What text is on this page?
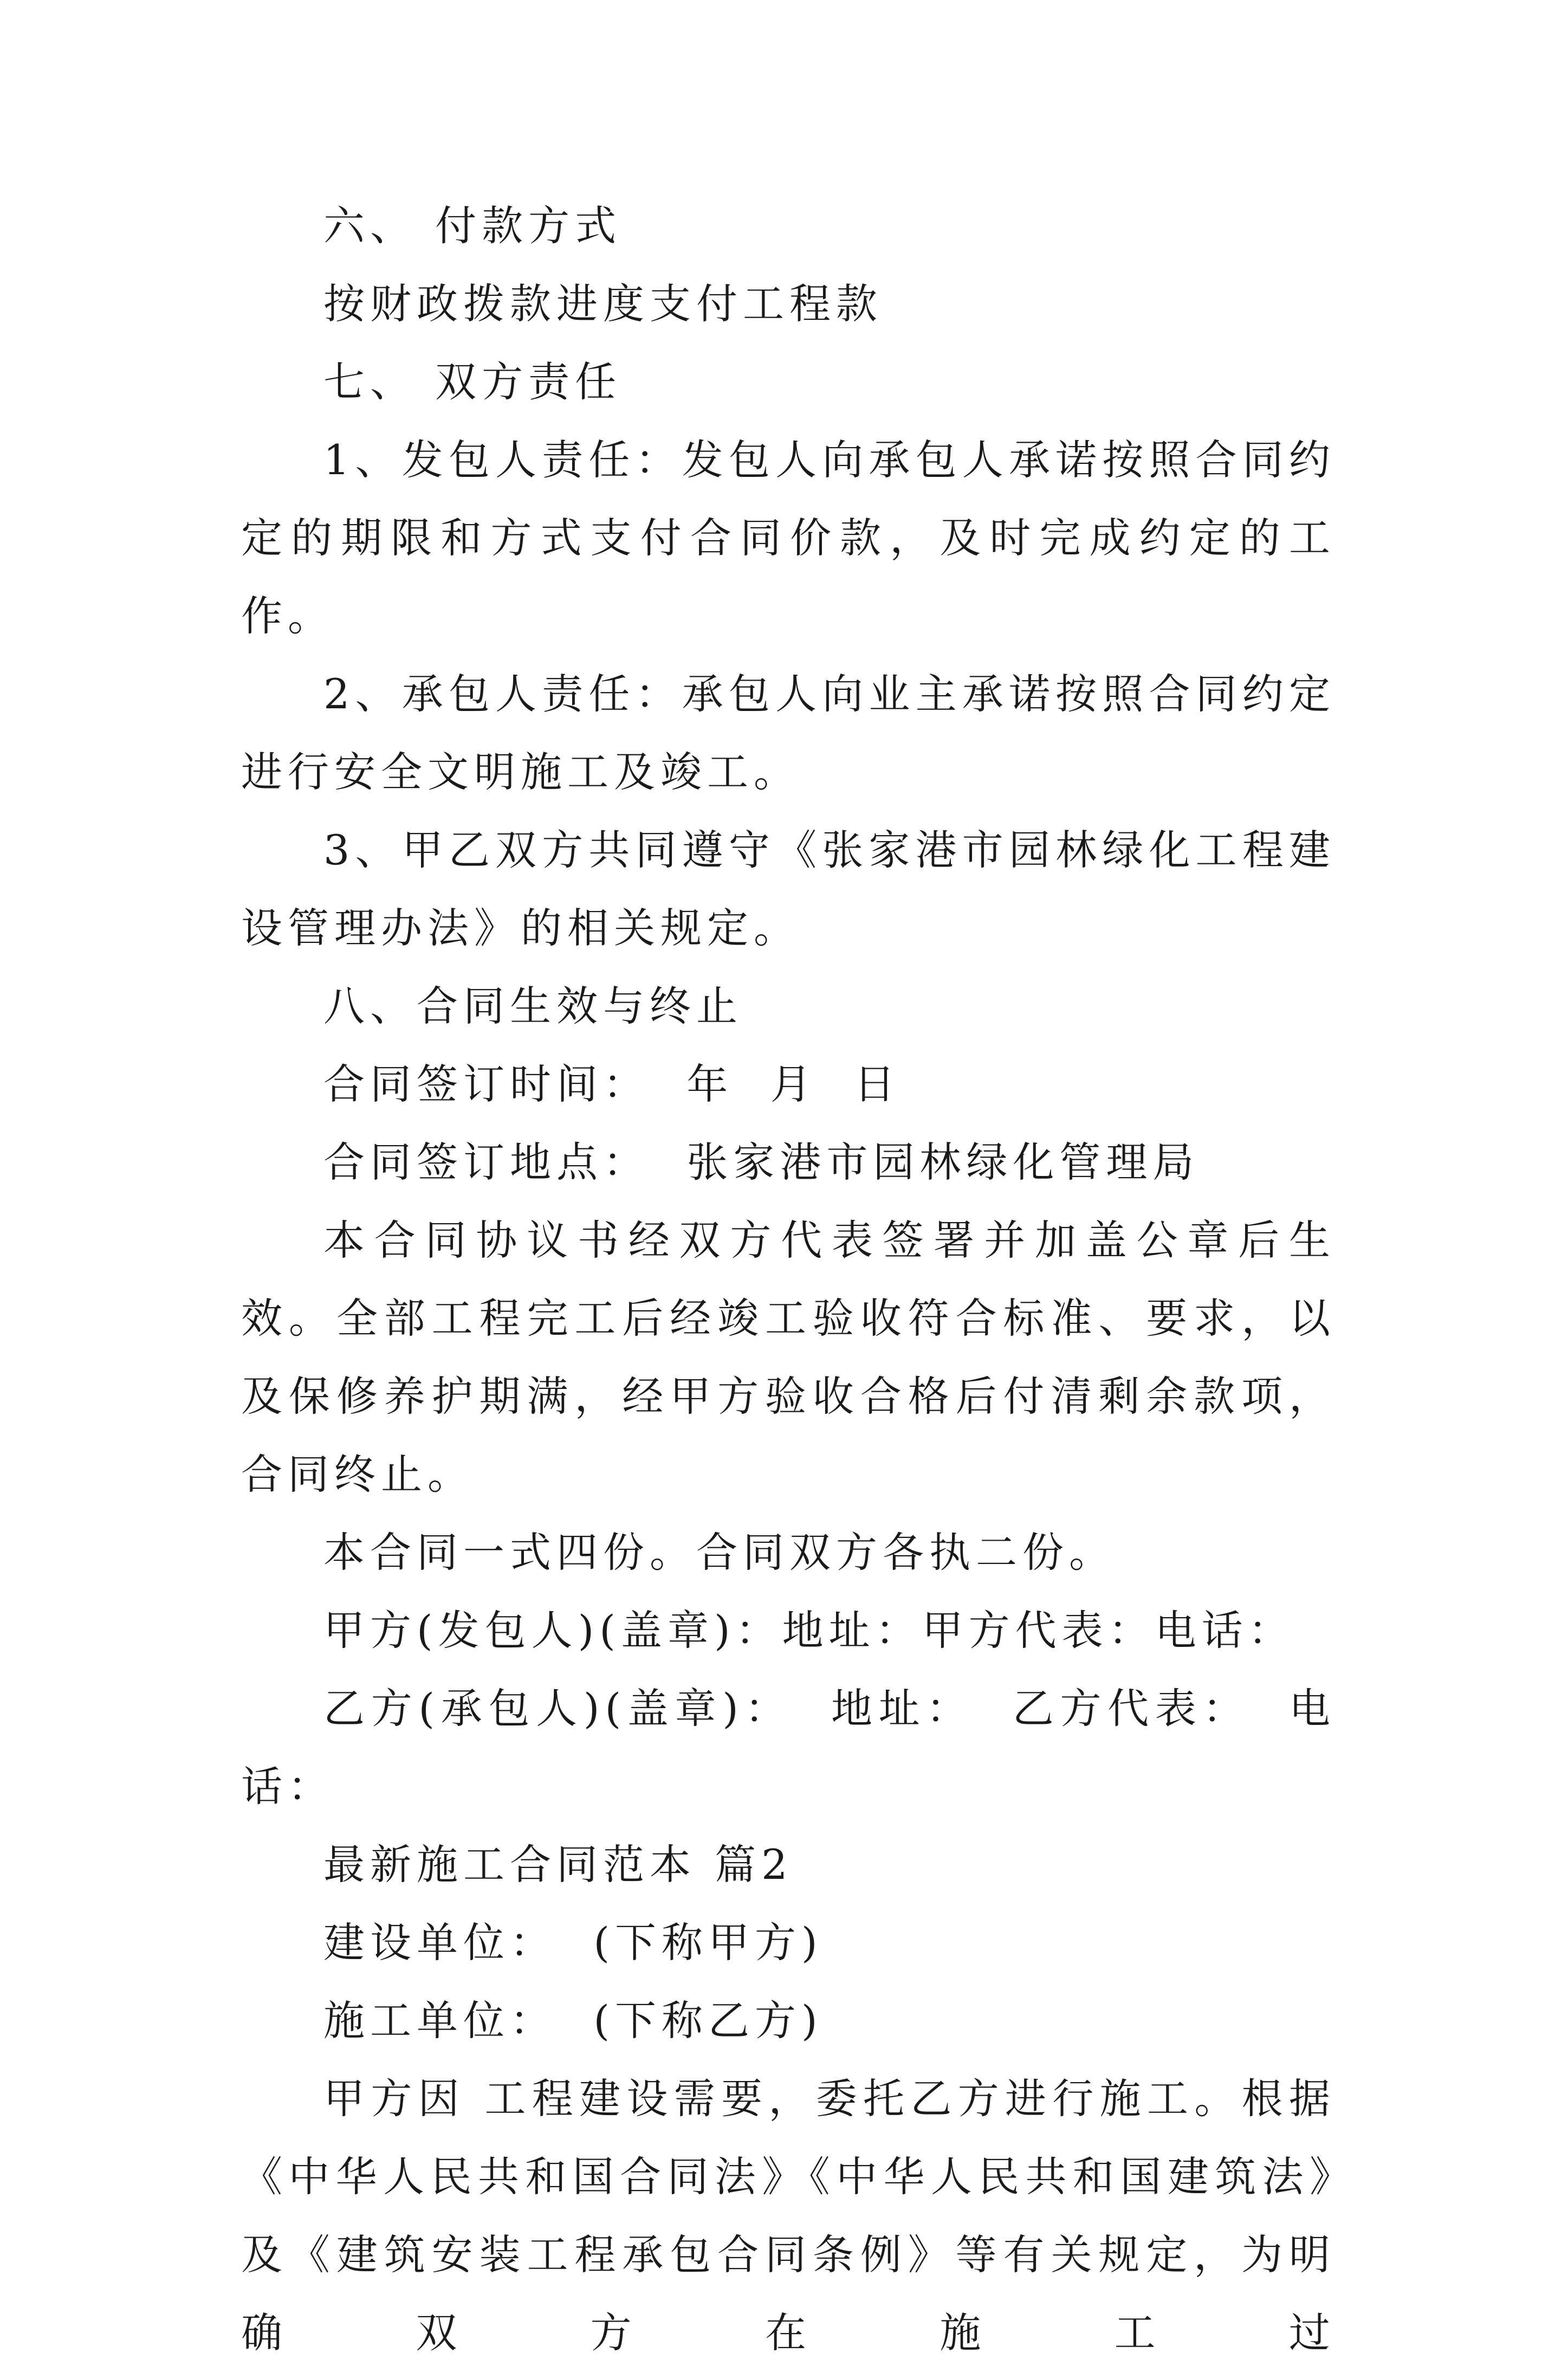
六、 付款方式

按财政拨款进度支付工程款

七、 双方责任

1、发包人责任：发包人向承包人承诺按照合同约定的期限和方式支付合同价款，及时完成约定的工作。

2、承包人责任：承包人向业主承诺按照合同约定进行安全文明施工及竣工。

3、甲乙双方共同遵守《张家港市园林绿化工程建设管理办法》的相关规定。

八、合同生效与终止

合同签订时间：  年  月  日

合同签订地点：  张家港市园林绿化管理局

本合同协议书经双方代表签署并加盖公章后生效。全部工程完工后经竣工验收符合标准、要求，以及保修养护期满，经甲方验收合格后付清剩余款项，合同终止。

本合同一式四份。合同双方各执二份。

甲方(发包人)(盖章)：地址：甲方代表：电话：

乙方(承包人)(盖章)：  地址：  乙方代表：  电话：

最新施工合同范本 篇2

建设单位：  (下称甲方)

施工单位：  (下称乙方)

甲方因 工程建设需要，委托乙方进行施工。根据《中华人民共和国合同法》《中华人民共和国建筑法》及《建筑安装工程承包合同条例》等有关规定，为明确双方在施工过
